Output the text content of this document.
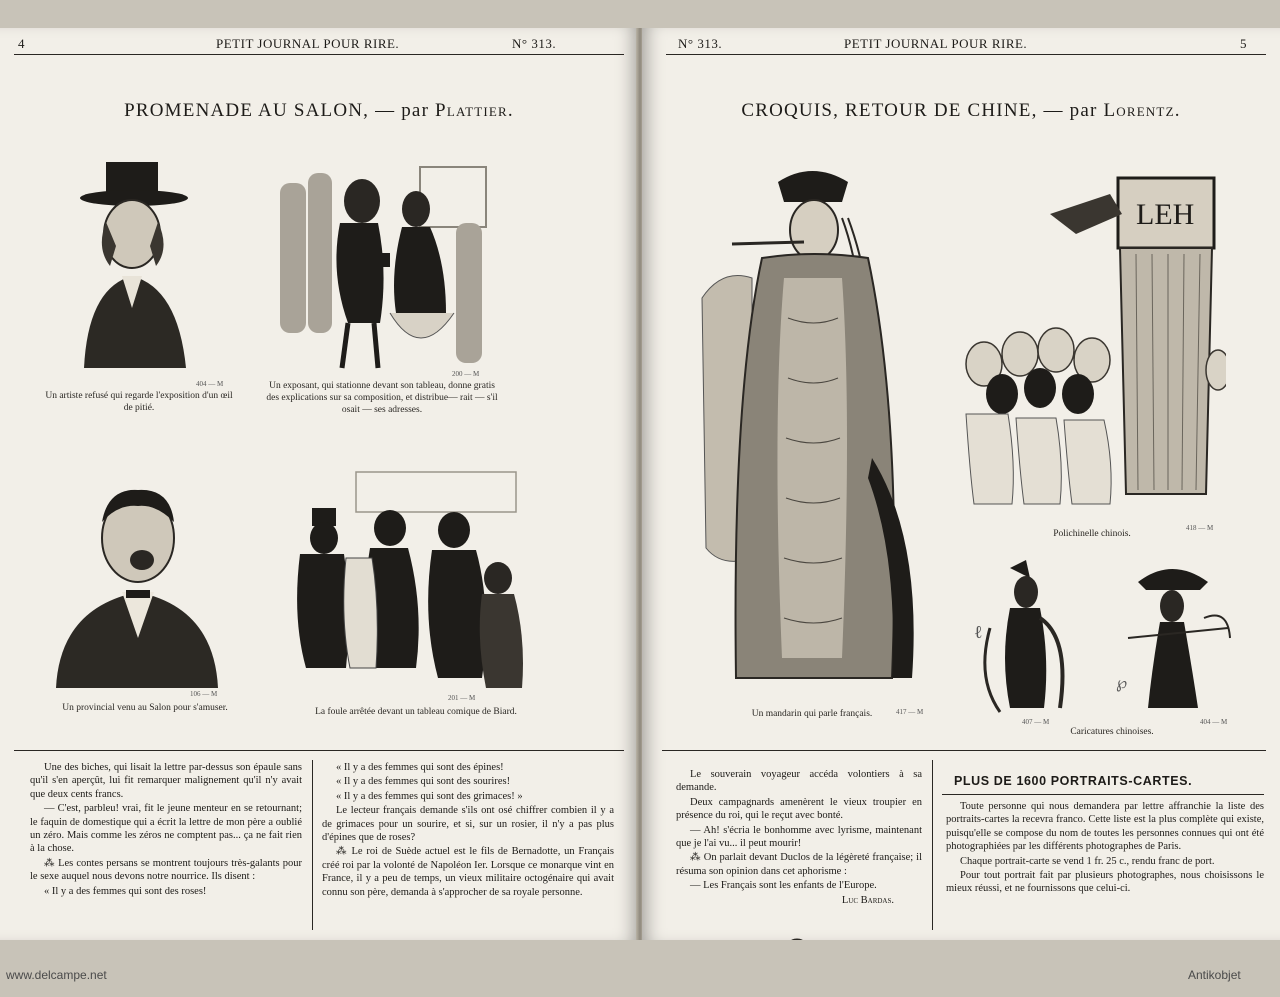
4	PETIT JOURNAL POUR RIRE.	N° 313.
PROMENADE AU SALON, — par Plattier.
404 — M
Un artiste refusé qui regarde l'exposition d'un œil de pitié.
200 — M
Un exposant, qui stationne devant son tableau, donne gratis des explications sur sa composition, et distribue— rait — s'il osait — ses adresses.
106 — M
Un provincial venu au Salon pour s'amuser.
201 — M
La foule arrêtée devant un tableau comique de Biard.

Une des biches, qui lisait la lettre par-dessus son épaule sans qu'il s'en aperçût, lui fit remarquer malignement qu'il n'y avait que deux cents francs.

— C'est, parbleu! vrai, fit le jeune menteur en se retournant; le faquin de domestique qui a écrit la lettre de mon père a oublié un zéro. Mais comme les zéros ne comptent pas... ça ne fait rien à la chose.

⁂ Les contes persans se montrent toujours très-galants pour le sexe auquel nous devons notre nourrice. Ils disent :

« Il y a des femmes qui sont des roses!

« Il y a des femmes qui sont des épines!

« Il y a des femmes qui sont des sourires!

« Il y a des femmes qui sont des grimaces! »

Le lecteur français demande s'ils ont osé chiffrer combien il y a de grimaces pour un sourire, et si, sur un rosier, il n'y a pas plus d'épines que de roses?

⁂ Le roi de Suède actuel est le fils de Bernadotte, un Français créé roi par la volonté de Napoléon Ier. Lorsque ce monarque vint en France, il y a peu de temps, un vieux militaire octogénaire qui avait connu son père, demanda à s'approcher de sa royale personne.

N° 313.	PETIT JOURNAL POUR RIRE.	5
CROQUIS, RETOUR DE CHINE, — par Lorentz.
417 — M
Un mandarin qui parle français.
LEH
418 — M
Polichinelle chinois.
ℓ
℘
407 — M	404 — M
Caricatures chinoises.

Le souverain voyageur accéda volontiers à sa demande.

Deux campagnards amenèrent le vieux troupier en présence du roi, qui le reçut avec bonté.

— Ah! s'écria le bonhomme avec lyrisme, maintenant que je l'ai vu... il peut mourir!

⁂ On parlait devant Duclos de la légèreté française; il résuma son opinion dans cet aphorisme :

— Les Français sont les enfants de l'Europe.

Luc Bardas.

PLUS DE 1600 PORTRAITS-CARTES.

Toute personne qui nous demandera par lettre affranchie la liste des portraits-cartes la recevra franco. Cette liste est la plus complète qui existe, puisqu'elle se compose du nom de toutes les personnes connues qui ont été photographiées par les différents photographes de Paris.

Chaque portrait-carte se vend 1 fr. 25 c., rendu franc de port.

Pour tout portrait fait par plusieurs photographes, nous choisissons le mieux réussi, et ne fournissons que celui-ci.

www.delcampe.net	Antikobjet
